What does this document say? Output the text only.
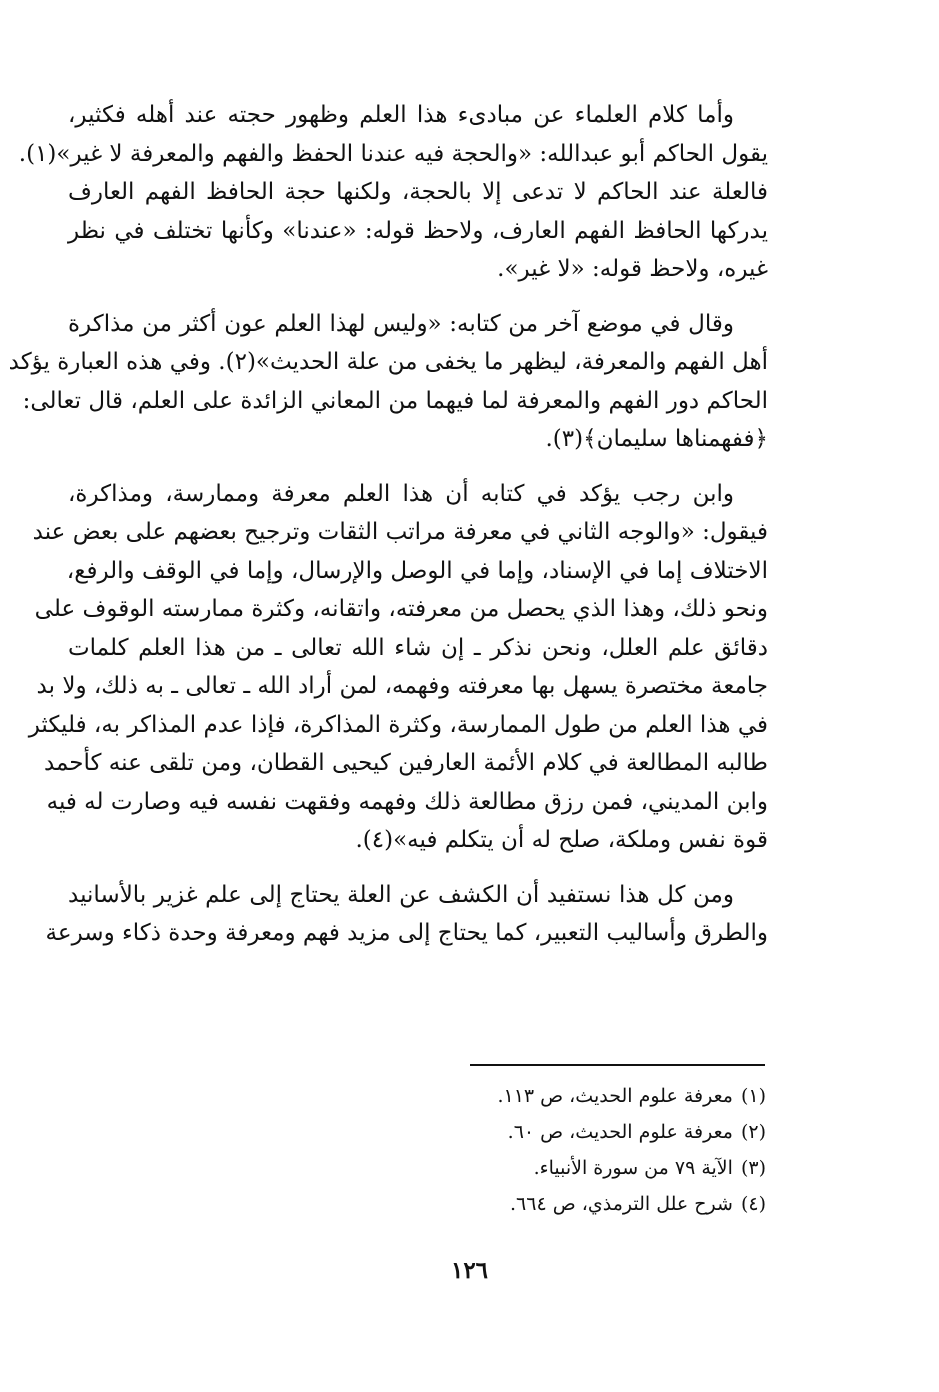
وأما كلام العلماء عن مبادىء هذا العلم وظهور حجته عند أهله فكثير،
يقول الحاكم أبو عبدالله: «والحجة فيه عندنا الحفظ والفهم والمعرفة لا غير»(١).
فالعلة عند الحاكم لا تدعى إلا بالحجة، ولكنها حجة الحافظ الفهم العارف
يدركها الحافظ الفهم العارف، ولاحظ قوله: «عندنا» وكأنها تختلف في نظر
غيره، ولاحظ قوله: «لا غير».
وقال في موضع آخر من كتابه: «وليس لهذا العلم عون أكثر من مذاكرة
أهل الفهم والمعرفة، ليظهر ما يخفى من علة الحديث»(٢). وفي هذه العبارة يؤكد
الحاكم دور الفهم والمعرفة لما فيهما من المعاني الزائدة على العلم، قال تعالى:
﴿ففهمناها سليمان﴾(٣).
وابن رجب يؤكد في كتابه أن هذا العلم معرفة وممارسة، ومذاكرة،
فيقول: «والوجه الثاني في معرفة مراتب الثقات وترجيح بعضهم على بعض عند
الاختلاف إما في الإسناد، وإما في الوصل والإرسال، وإما في الوقف والرفع،
ونحو ذلك، وهذا الذي يحصل من معرفته، واتقانه، وكثرة ممارسته الوقوف على
دقائق علم العلل، ونحن نذكر ـ إن شاء الله تعالى ـ من هذا العلم كلمات
جامعة مختصرة يسهل بها معرفته وفهمه، لمن أراد الله ـ تعالى ـ به ذلك، ولا بد
في هذا العلم من طول الممارسة، وكثرة المذاكرة، فإذا عدم المذاكر به، فليكثر
طالبه المطالعة في كلام الأئمة العارفين كيحيى القطان، ومن تلقى عنه كأحمد
وابن المديني، فمن رزق مطالعة ذلك وفهمه وفقهت نفسه فيه وصارت له فيه
قوة نفس وملكة، صلح له أن يتكلم فيه»(٤).
ومن كل هذا نستفيد أن الكشف عن العلة يحتاج إلى علم غزير بالأسانيد
والطرق وأساليب التعبير، كما يحتاج إلى مزيد فهم ومعرفة وحدة ذكاء وسرعة
(١)معرفة علوم الحديث، ص ١١٣.
(٢)معرفة علوم الحديث، ص ٦٠.
(٣)الآية ٧٩ من سورة الأنبياء.
(٤)شرح علل الترمذي، ص ٦٦٤.
١٢٦
